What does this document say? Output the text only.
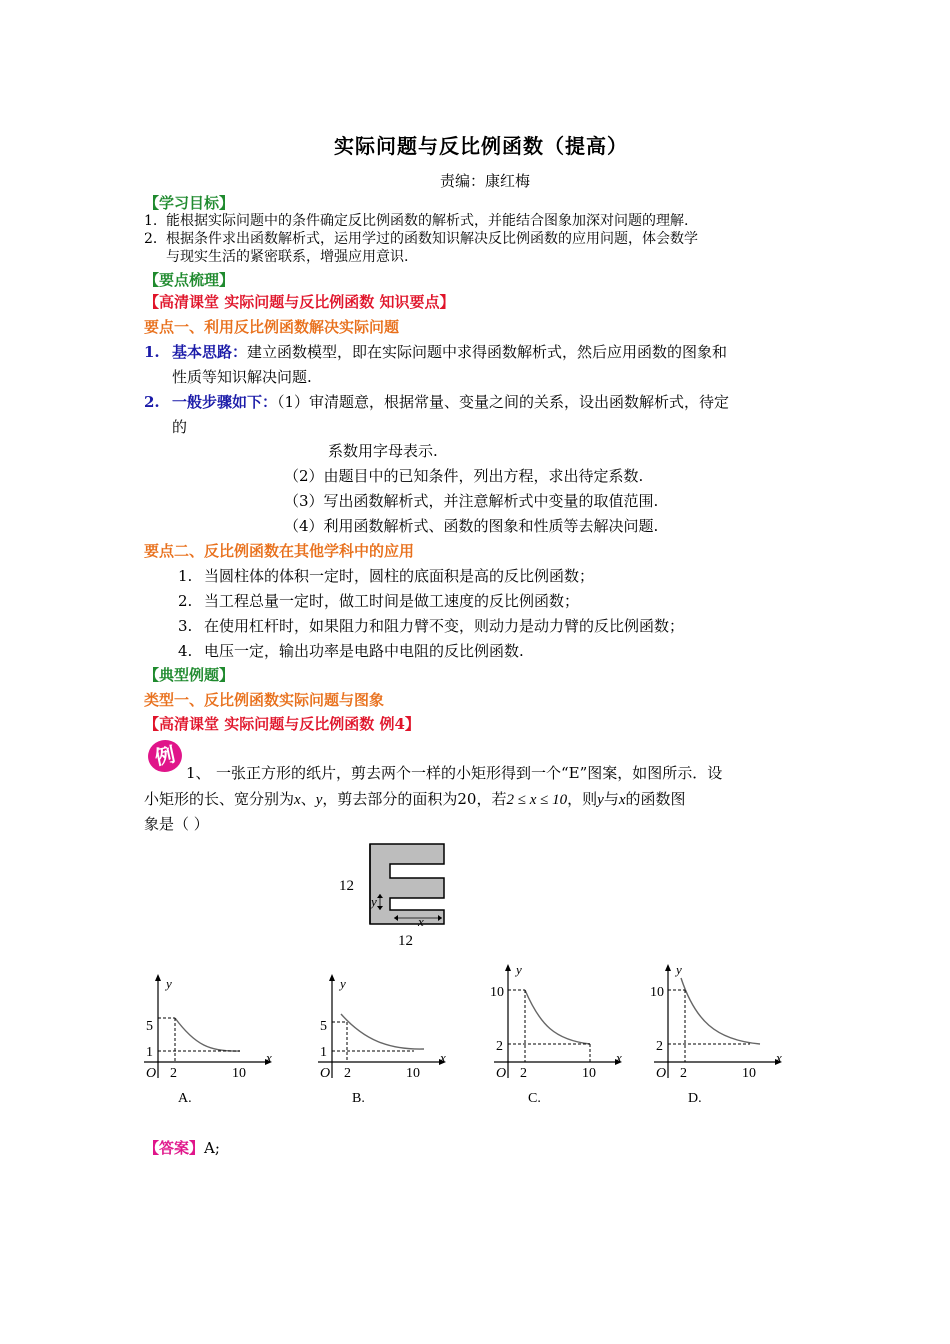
实际问题与反比例函数（提高）
责编：康红梅
【学习目标】
1. 能根据实际问题中的条件确定反比例函数的解析式，并能结合图象加深对问题的理解.
2．根据条件求出函数解析式，运用学过的函数知识解决反比例函数的应用问题，体会数学
与现实生活的紧密联系，增强应用意识.
【要点梳理】
【高清课堂 实际问题与反比例函数 知识要点】
要点一、利用反比例函数解决实际问题
1. 基本思路：建立函数模型，即在实际问题中求得函数解析式，然后应用函数的图象和
性质等知识解决问题.
2. 一般步骤如下：（1）审清题意，根据常量、变量之间的关系，设出函数解析式，待定
的
系数用字母表示.
（2）由题目中的已知条件，列出方程，求出待定系数.
（3）写出函数解析式，并注意解析式中变量的取值范围.
（4）利用函数解析式、函数的图象和性质等去解决问题.
要点二、反比例函数在其他学科中的应用
1. 当圆柱体的体积一定时，圆柱的底面积是高的反比例函数；
2. 当工程总量一定时，做工时间是做工速度的反比例函数；
3. 在使用杠杆时，如果阻力和阻力臂不变，则动力是动力臂的反比例函数；
4. 电压一定，输出功率是电路中电阻的反比例函数.
【典型例题】
类型一、反比例函数实际问题与图象
【高清课堂 实际问题与反比例函数 例4】
例
1、 一张正方形的纸片，剪去两个一样的小矩形得到一个“E”图案，如图所示．设
小矩形的长、宽分别为x、y，剪去部分的面积为20，若2 ≤ x ≤ 10，则y与x的函数图
象是（ ）
12
y
x
12
y
x
5
1
O 2	10
A.
y
x
5
1
O 2	10
B.
y
x
10
2
O 2	10
C.
y
x
10
2
O 2	10
D.
【答案】A;
